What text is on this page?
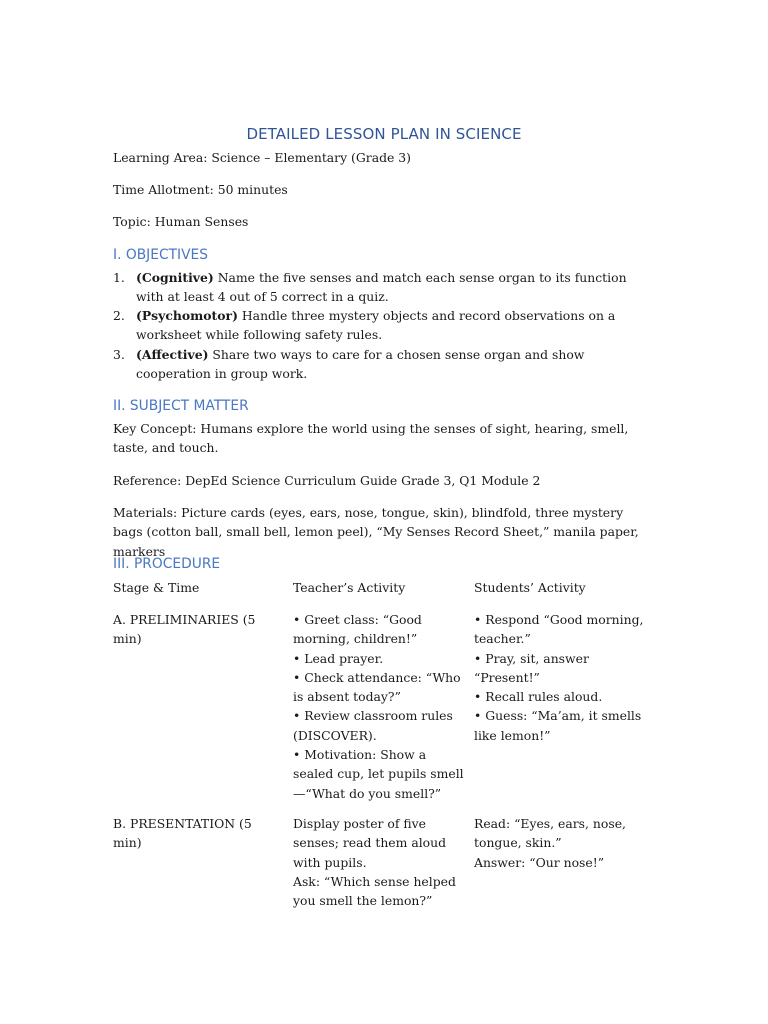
DETAILED LESSON PLAN IN SCIENCE
Learning Area: Science – Elementary (Grade 3)
Time Allotment: 50 minutes
Topic: Human Senses
I. OBJECTIVES
1. (Cognitive) Name the five senses and match each sense organ to its function with at least 4 out of 5 correct in a quiz.
2. (Psychomotor) Handle three mystery objects and record observations on a worksheet while following safety rules.
3. (Affective) Share two ways to care for a chosen sense organ and show cooperation in group work.
II. SUBJECT MATTER
Key Concept: Humans explore the world using the senses of sight, hearing, smell, taste, and touch.
Reference: DepEd Science Curriculum Guide Grade 3, Q1 Module 2
Materials: Picture cards (eyes, ears, nose, tongue, skin), blindfold, three mystery bags (cotton ball, small bell, lemon peel), “My Senses Record Sheet,” manila paper, markers
III. PROCEDURE
Stage & Time	Teacher’s Activity	Students’ Activity
A. PRELIMINARIES (5 min)
• Greet class: “Good morning, children!”
• Lead prayer.
• Check attendance: “Who is absent today?”
• Review classroom rules (DISCOVER).
• Motivation: Show a sealed cup, let pupils smell —“What do you smell?”
• Respond “Good morning, teacher.”
• Pray, sit, answer “Present!”
• Recall rules aloud.
• Guess: “Ma’am, it smells like lemon!”
B. PRESENTATION (5 min)
Display poster of five senses; read them aloud with pupils.
Ask: “Which sense helped you smell the lemon?”
Read: “Eyes, ears, nose, tongue, skin.”
Answer: “Our nose!”
